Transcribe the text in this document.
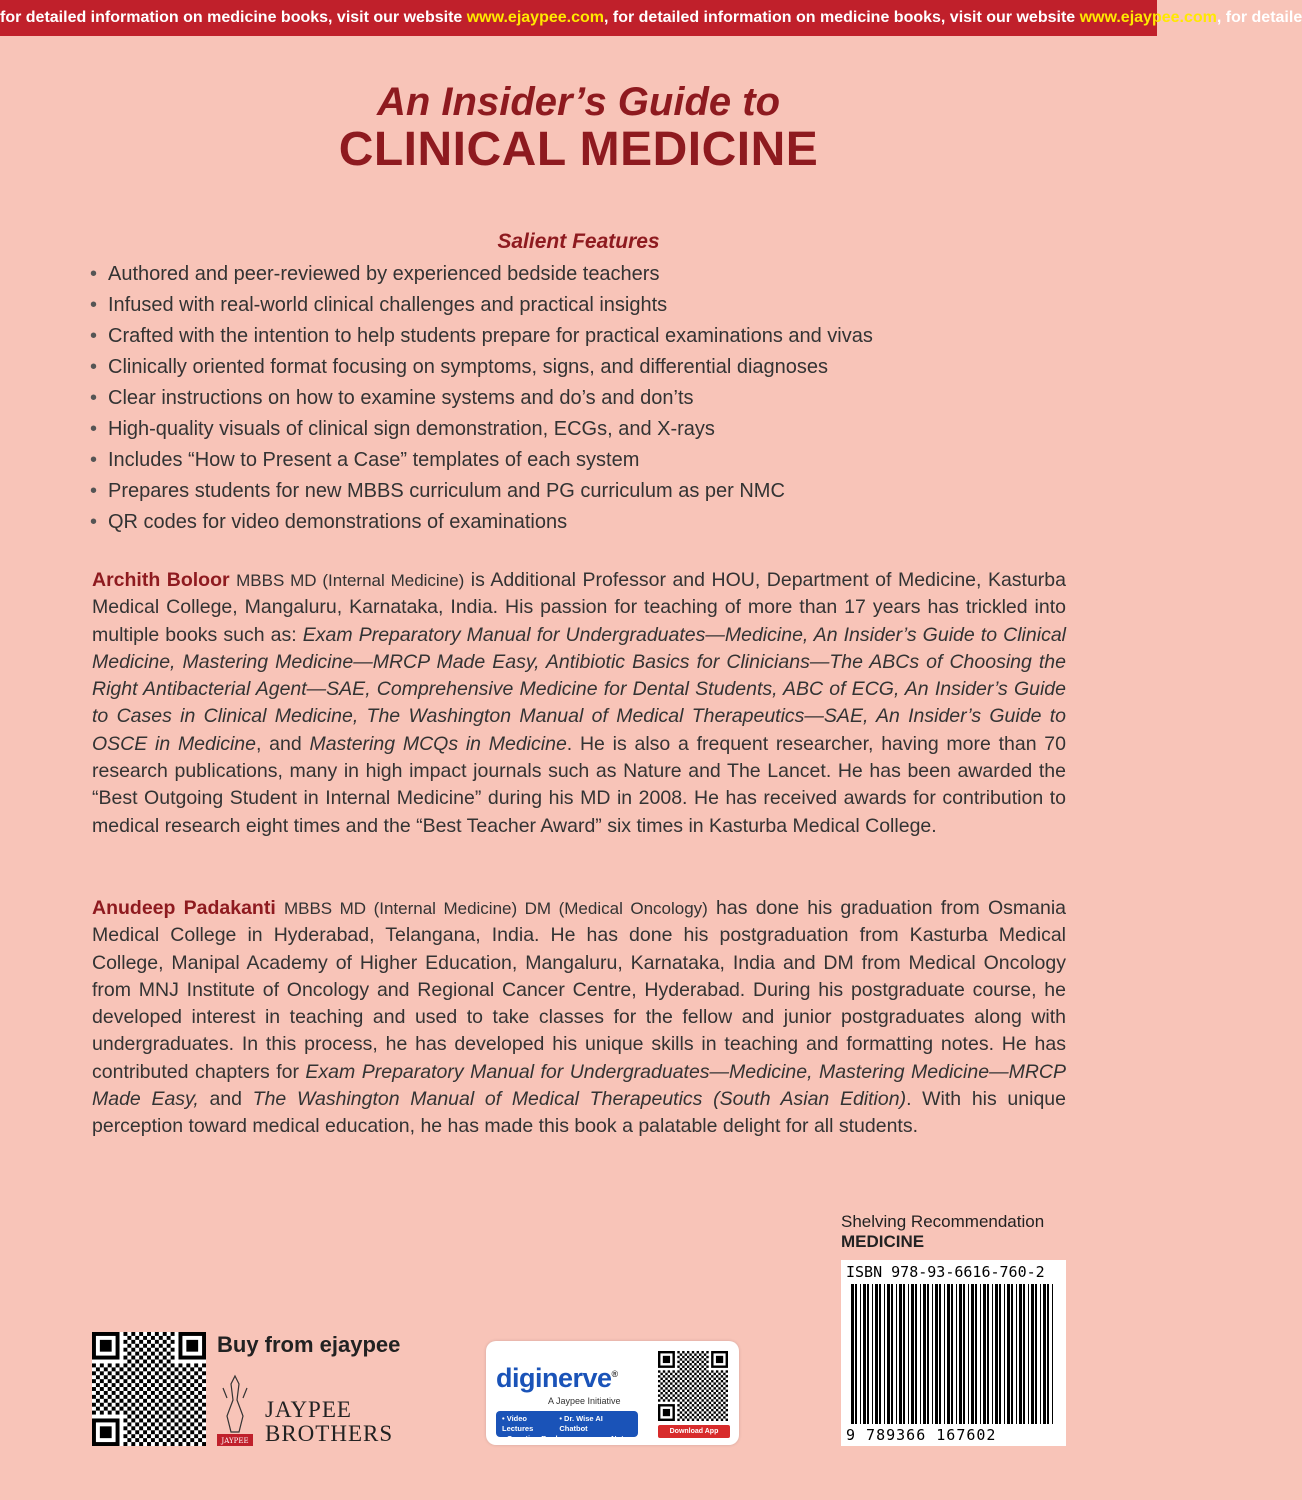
for detailed information on medicine books, visit our website www.ejaypee.com, for detailed information on medicine books, visit our website www.ejaypee.com, for detaile
An Insider’s Guide to
CLINICAL MEDICINE
Salient Features
• Authored and peer-reviewed by experienced bedside teachers
• Infused with real-world clinical challenges and practical insights
• Crafted with the intention to help students prepare for practical examinations and vivas
• Clinically oriented format focusing on symptoms, signs, and differential diagnoses
• Clear instructions on how to examine systems and do’s and don’ts
• High-quality visuals of clinical sign demonstration, ECGs, and X-rays
• Includes “How to Present a Case” templates of each system
• Prepares students for new MBBS curriculum and PG curriculum as per NMC
• QR codes for video demonstrations of examinations

Archith Boloor MBBS MD (Internal Medicine) is Additional Professor and HOU, Department of Medicine, Kasturba Medical College, Mangaluru, Karnataka, India. His passion for teaching of more than 17 years has trickled into multiple books such as: Exam Preparatory Manual for Undergraduates—Medicine, An Insider’s Guide to Clinical Medicine, Mastering Medicine—MRCP Made Easy, Antibiotic Basics for Clinicians—The ABCs of Choosing the Right Antibacterial Agent—SAE, Comprehensive Medicine for Dental Students, ABC of ECG, An Insider’s Guide to Cases in Clinical Medicine, The Washington Manual of Medical Therapeutics—SAE, An Insider’s Guide to OSCE in Medicine, and Mastering MCQs in Medicine. He is also a frequent researcher, having more than 70 research publications, many in high impact journals such as Nature and The Lancet. He has been awarded the “Best Outgoing Student in Internal Medicine” during his MD in 2008. He has received awards for contribution to medical research eight times and the “Best Teacher Award” six times in Kasturba Medical College.

Anudeep Padakanti MBBS MD (Internal Medicine) DM (Medical Oncology) has done his graduation from Osmania Medical College in Hyderabad, Telangana, India. He has done his postgraduation from Kasturba Medical College, Manipal Academy of Higher Education, Mangaluru, Karnataka, India and DM from Medical Oncology from MNJ Institute of Oncology and Regional Cancer Centre, Hyderabad. During his postgraduate course, he developed interest in teaching and used to take classes for the fellow and junior postgraduates along with undergraduates. In this process, he has developed his unique skills in teaching and formatting notes. He has contributed chapters for Exam Preparatory Manual for Undergraduates—Medicine, Mastering Medicine—MRCP Made Easy, and The Washington Manual of Medical Therapeutics (South Asian Edition). With his unique perception toward medical education, he has made this book a palatable delight for all students.

Shelving Recommendation
MEDICINE
ISBN 978-93-6616-760-2
9 789366 167602
Buy from ejaypee
JAYPEE
JAYPEE
BROTHERS
diginerve®
A Jaypee Initiative
• Video Lectures
• Dr. Wise AI Chatbot
• Question Bank	• Notes
Download App
